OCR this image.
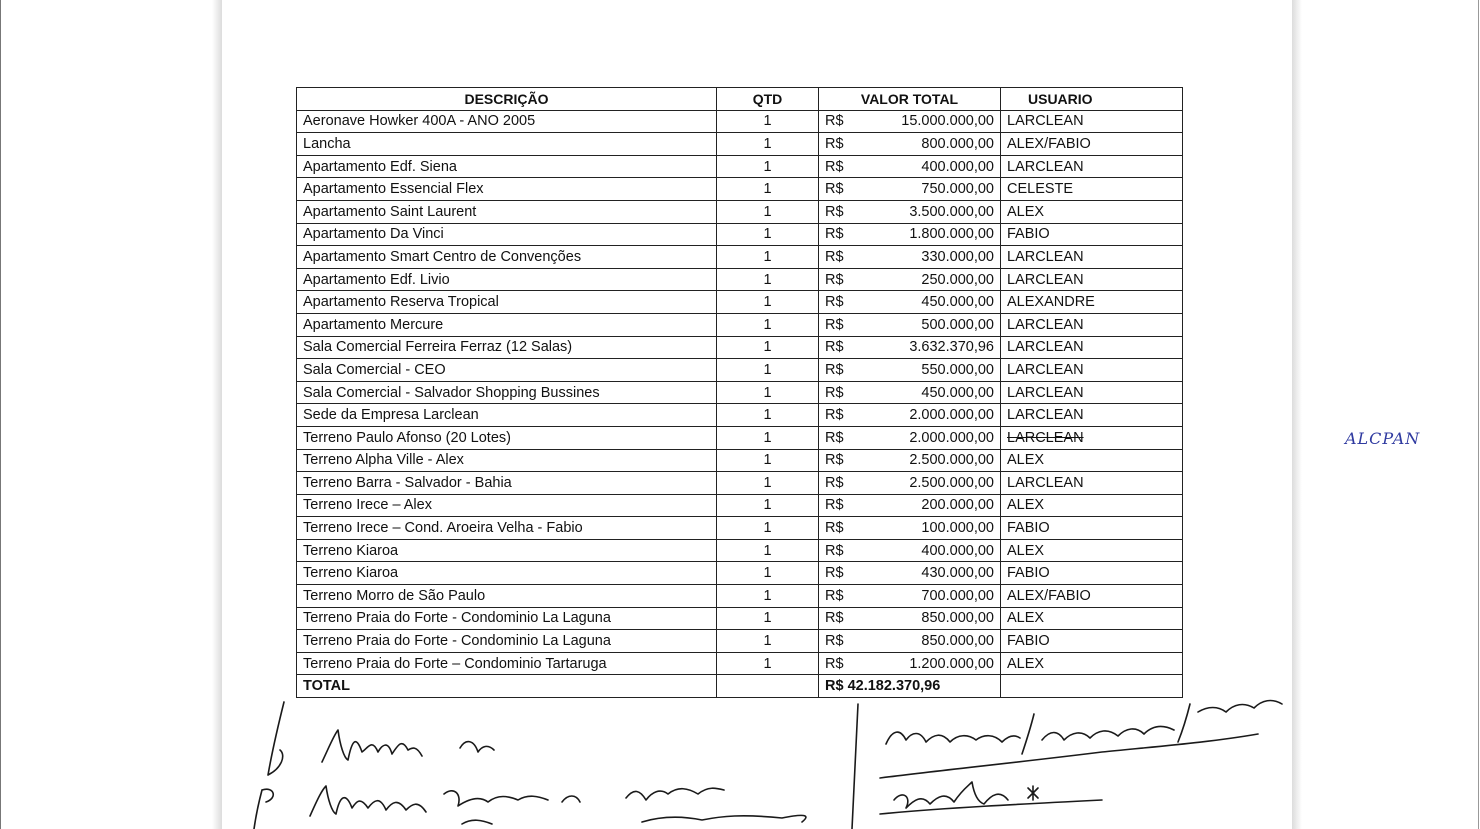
DESCRIÇÃO	QTD	VALOR TOTAL	USUARIO
Aeronave Howker 400A - ANO 2005	1	R$ 15.000.000,00	LARCLEAN
Lancha	1	R$ 800.000,00	ALEX/FABIO
Apartamento Edf. Siena	1	R$ 400.000,00	LARCLEAN
Apartamento Essencial Flex	1	R$ 750.000,00	CELESTE
Apartamento Saint Laurent	1	R$ 3.500.000,00	ALEX
Apartamento Da Vinci	1	R$ 1.800.000,00	FABIO
Apartamento Smart Centro de Convenções	1	R$ 330.000,00	LARCLEAN
Apartamento Edf. Livio	1	R$ 250.000,00	LARCLEAN
Apartamento Reserva Tropical	1	R$ 450.000,00	ALEXANDRE
Apartamento Mercure	1	R$ 500.000,00	LARCLEAN
Sala Comercial Ferreira Ferraz (12 Salas)	1	R$ 3.632.370,96	LARCLEAN
Sala Comercial - CEO	1	R$ 550.000,00	LARCLEAN
Sala Comercial - Salvador Shopping Bussines	1	R$ 450.000,00	LARCLEAN
Sede da Empresa Larclean	1	R$ 2.000.000,00	LARCLEAN
Terreno Paulo Afonso (20 Lotes)	1	R$ 2.000.000,00	LARCLEAN
Terreno Alpha Ville - Alex	1	R$ 2.500.000,00	ALEX
Terreno Barra - Salvador - Bahia	1	R$ 2.500.000,00	LARCLEAN
Terreno Irece – Alex	1	R$ 200.000,00	ALEX
Terreno Irece – Cond. Aroeira Velha - Fabio	1	R$ 100.000,00	FABIO
Terreno Kiaroa	1	R$ 400.000,00	ALEX
Terreno Kiaroa	1	R$ 430.000,00	FABIO
Terreno Morro de São Paulo	1	R$ 700.000,00	ALEX/FABIO
Terreno Praia do Forte - Condominio La Laguna	1	R$ 850.000,00	ALEX
Terreno Praia do Forte - Condominio La Laguna	1	R$ 850.000,00	FABIO
Terreno Praia do Forte – Condominio Tartaruga	1	R$ 1.200.000,00	ALEX
TOTAL		R$ 42.182.370,96	
ALCPAN
